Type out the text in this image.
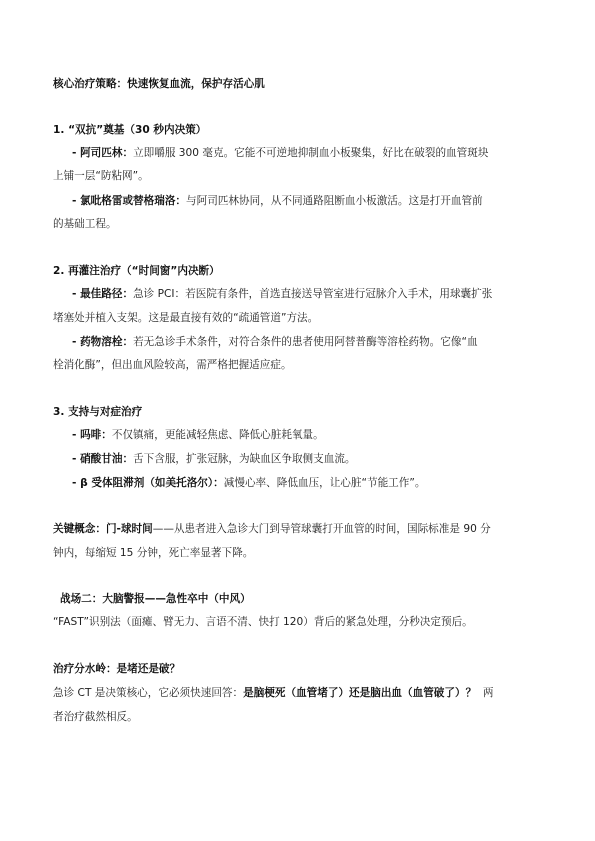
核心治疗策略：快速恢复血流，保护存活心肌

1. “双抗”奠基（30 秒内决策）

- 阿司匹林：立即嚼服 300 毫克。它能不可逆地抑制血小板聚集，好比在破裂的血管斑块

上铺一层“防粘网”。

- 氯吡格雷或替格瑞洛：与阿司匹林协同，从不同通路阻断血小板激活。这是打开血管前

的基础工程。

2. 再灌注治疗（“时间窗”内决断）

- 最佳路径：急诊 PCI：若医院有条件，首选直接送导管室进行冠脉介入手术，用球囊扩张

堵塞处并植入支架。这是最直接有效的“疏通管道”方法。

- 药物溶栓：若无急诊手术条件，对符合条件的患者使用阿替普酶等溶栓药物。它像“血

栓消化酶”，但出血风险较高，需严格把握适应症。

3. 支持与对症治疗

- 吗啡：不仅镇痛，更能减轻焦虑、降低心脏耗氧量。

- 硝酸甘油：舌下含服，扩张冠脉，为缺血区争取侧支血流。

- β 受体阻滞剂（如美托洛尔）：减慢心率、降低血压，让心脏“节能工作”。

关键概念：门-球时间——从患者进入急诊大门到导管球囊打开血管的时间，国际标准是 90 分

钟内，每缩短 15 分钟，死亡率显著下降。

战场二：大脑警报——急性卒中（中风）

“FAST”识别法（面瘫、臂无力、言语不清、快打 120）背后的紧急处理，分秒决定预后。

治疗分水岭：是堵还是破？

急诊 CT 是决策核心，它必须快速回答：是脑梗死（血管堵了）还是脑出血（血管破了）？  两

者治疗截然相反。
